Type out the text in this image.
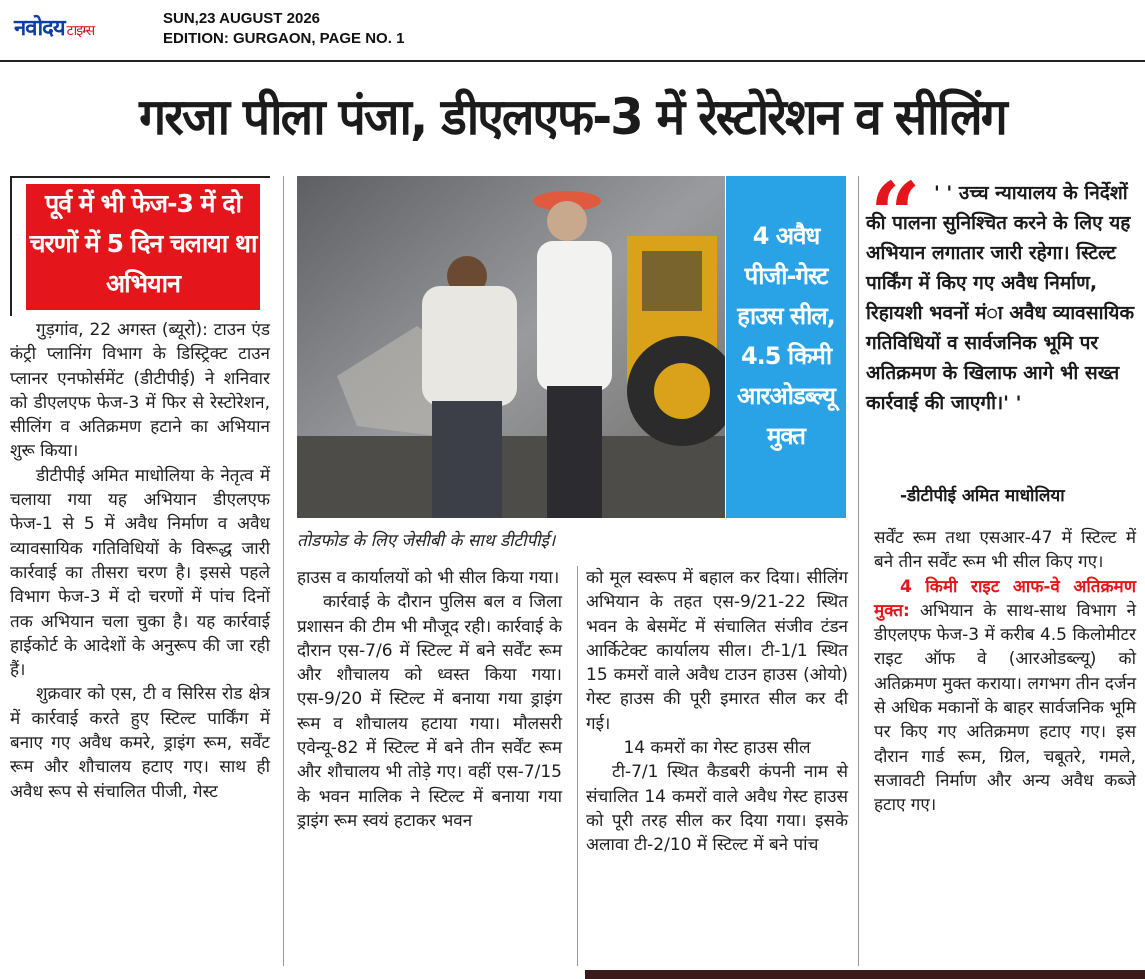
नवोदय टाइम्स
SUN,23 AUGUST 2026
EDITION: GURGAON, PAGE NO. 1
गरजा पीला पंजा, डीएलएफ-3 में रेस्टोरेशन व सीलिंग
पूर्व में भी फेज-3 में दो चरणों में 5 दिन चलाया था अभियान

गुड़गांव, 22 अगस्त (ब्यूरो): टाउन एंड कंट्री प्लानिंग विभाग के डिस्ट्रिक्ट टाउन प्लानर एनफोर्समेंट (डीटीपीई) ने शनिवार को डीएलएफ फेज-3 में फिर से रेस्टोरेशन, सीलिंग व अतिक्रमण हटाने का अभियान शुरू किया।

डीटीपीई अमित माधोलिया के नेतृत्व में चलाया गया यह अभियान डीएलएफ फेज-1 से 5 में अवैध निर्माण व अवैध व्यावसायिक गतिविधियों के विरूद्ध जारी कार्रवाई का तीसरा चरण है। इससे पहले विभाग फेज-3 में दो चरणों में पांच दिनों तक अभियान चला चुका है। यह कार्रवाई हाईकोर्ट के आदेशों के अनुरूप की जा रही हैं।

शुक्रवार को एस, टी व सिरिस रोड क्षेत्र में कार्रवाई करते हुए स्टिल्ट पार्किंग में बनाए गए अवैध कमरे, ड्राइंग रूम, सर्वेंट रूम और शौचालय हटाए गए। साथ ही अवैध रूप से संचालित पीजी, गेस्ट

4 अवैध पीजी-गेस्ट हाउस सील, 4.5 किमी आरओडब्ल्यू मुक्त
तोडफोड के लिए जेसीबी के साथ डीटीपीई।
“ ' ' उच्च न्यायालय के निर्देशों की पालना सुनिश्चित करने के लिए यह अभियान लगातार जारी रहेगा। स्टिल्ट पार्किंग में किए गए अवैध निर्माण, रिहायशी भवनों मंा अवैध व्यावसायिक गतिविधियों व सार्वजनिक भूमि पर अतिक्रमण के खिलाफ आगे भी सख्त कार्रवाई की जाएगी।' '
-डीटीपीई अमित माधोलिया

हाउस व कार्यालयों को भी सील किया गया।

कार्रवाई के दौरान पुलिस बल व जिला प्रशासन की टीम भी मौजूद रही। कार्रवाई के दौरान एस-7/6 में स्टिल्ट में बने सर्वेंट रूम और शौचालय को ध्वस्त किया गया। एस-9/20 में स्टिल्ट में बनाया गया ड्राइंग रूम व शौचालय हटाया गया। मौलसरी एवेन्यू-82 में स्टिल्ट में बने तीन सर्वेंट रूम और शौचालय भी तोड़े गए। वहीं एस-7/15 के भवन मालिक ने स्टिल्ट में बनाया गया ड्राइंग रूम स्वयं हटाकर भवन

को मूल स्वरूप में बहाल कर दिया। सीलिंग अभियान के तहत एस-9/21-22 स्थित भवन के बेसमेंट में संचालित संजीव टंडन आर्किटेक्ट कार्यालय सील। टी-1/1 स्थित 15 कमरों वाले अवैध टाउन हाउस (ओयो) गेस्ट हाउस की पूरी इमारत सील कर दी गई।

14 कमरों का गेस्ट हाउस सील

टी-7/1 स्थित कैडबरी कंपनी नाम से संचालित 14 कमरों वाले अवैध गेस्ट हाउस को पूरी तरह सील कर दिया गया। इसके अलावा टी-2/10 में स्टिल्ट में बने पांच

सर्वेंट रूम तथा एसआर-47 में स्टिल्ट में बने तीन सर्वेंट रूम भी सील किए गए।

4 किमी राइट आफ-वे अतिक्रमण मुक्त: अभियान के साथ-साथ विभाग ने डीएलएफ फेज-3 में करीब 4.5 किलोमीटर राइट ऑफ वे (आरओडब्ल्यू) को अतिक्रमण मुक्त कराया। लगभग तीन दर्जन से अधिक मकानों के बाहर सार्वजनिक भूमि पर किए गए अतिक्रमण हटाए गए। इस दौरान गार्ड रूम, ग्रिल, चबूतरे, गमले, सजावटी निर्माण और अन्य अवैध कब्जे हटाए गए।
